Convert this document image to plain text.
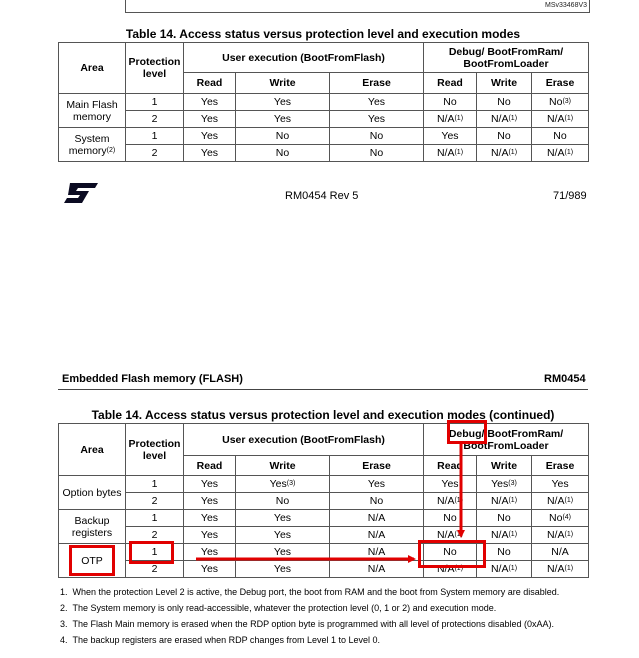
MSv33468V3
Table 14. Access status versus protection level and execution modes
Area	Protection level	User execution (BootFromFlash)			Debug/ BootFromRam/ BootFromLoader		
		Read	Write	Erase	Read	Write	Erase
Main Flash memory	1	Yes	Yes	Yes	No	No	No$^{(3)}$
	2	Yes	Yes	Yes	$N/A^{(1)}$	$N/A^{(1)}$	$N/A^{(1)}$
System memory$^{(2)}$	1	Yes	No	No	Yes	No	No
	2	Yes	No	No	$N/A^{(1)}$	$N/A^{(1)}$	$N/A^{(1)}$
RM0454 Rev 5	71/989
Embedded Flash memory (FLASH)	RM0454
Table 14. Access status versus protection level and execution modes (continued)
Area	Protection level	User execution (BootFromFlash)			Debug/ BootFromRam/ BootFromLoader		
		Read	Write	Erase	Read	Write	Erase
Option bytes	1	Yes	Yes$^{(3)}$	Yes	Yes	Yes$^{(3)}$	Yes
	2	Yes	No	No	$N/A^{(1)}$	$N/A^{(1)}$	$N/A^{(1)}$
Backup registers	1	Yes	Yes	N/A	No	No	No$^{(4)}$
	2	Yes	Yes	N/A	$N/A^{(1)}$	$N/A^{(1)}$	$N/A^{(1)}$
OTP	1	Yes	Yes	N/A	No	No	N/A
	2	Yes	Yes	N/A	$N/A^{(1)}$	$N/A^{(1)}$	$N/A^{(1)}$
1.  When the protection Level 2 is active, the Debug port, the boot from RAM and the boot from System memory are disabled.
2.  The System memory is only read-accessible, whatever the protection level (0, 1 or 2) and execution mode.
3.  The Flash Main memory is erased when the RDP option byte is programmed with all level of protections disabled (0xAA).
4.  The backup registers are erased when RDP changes from Level 1 to Level 0.
